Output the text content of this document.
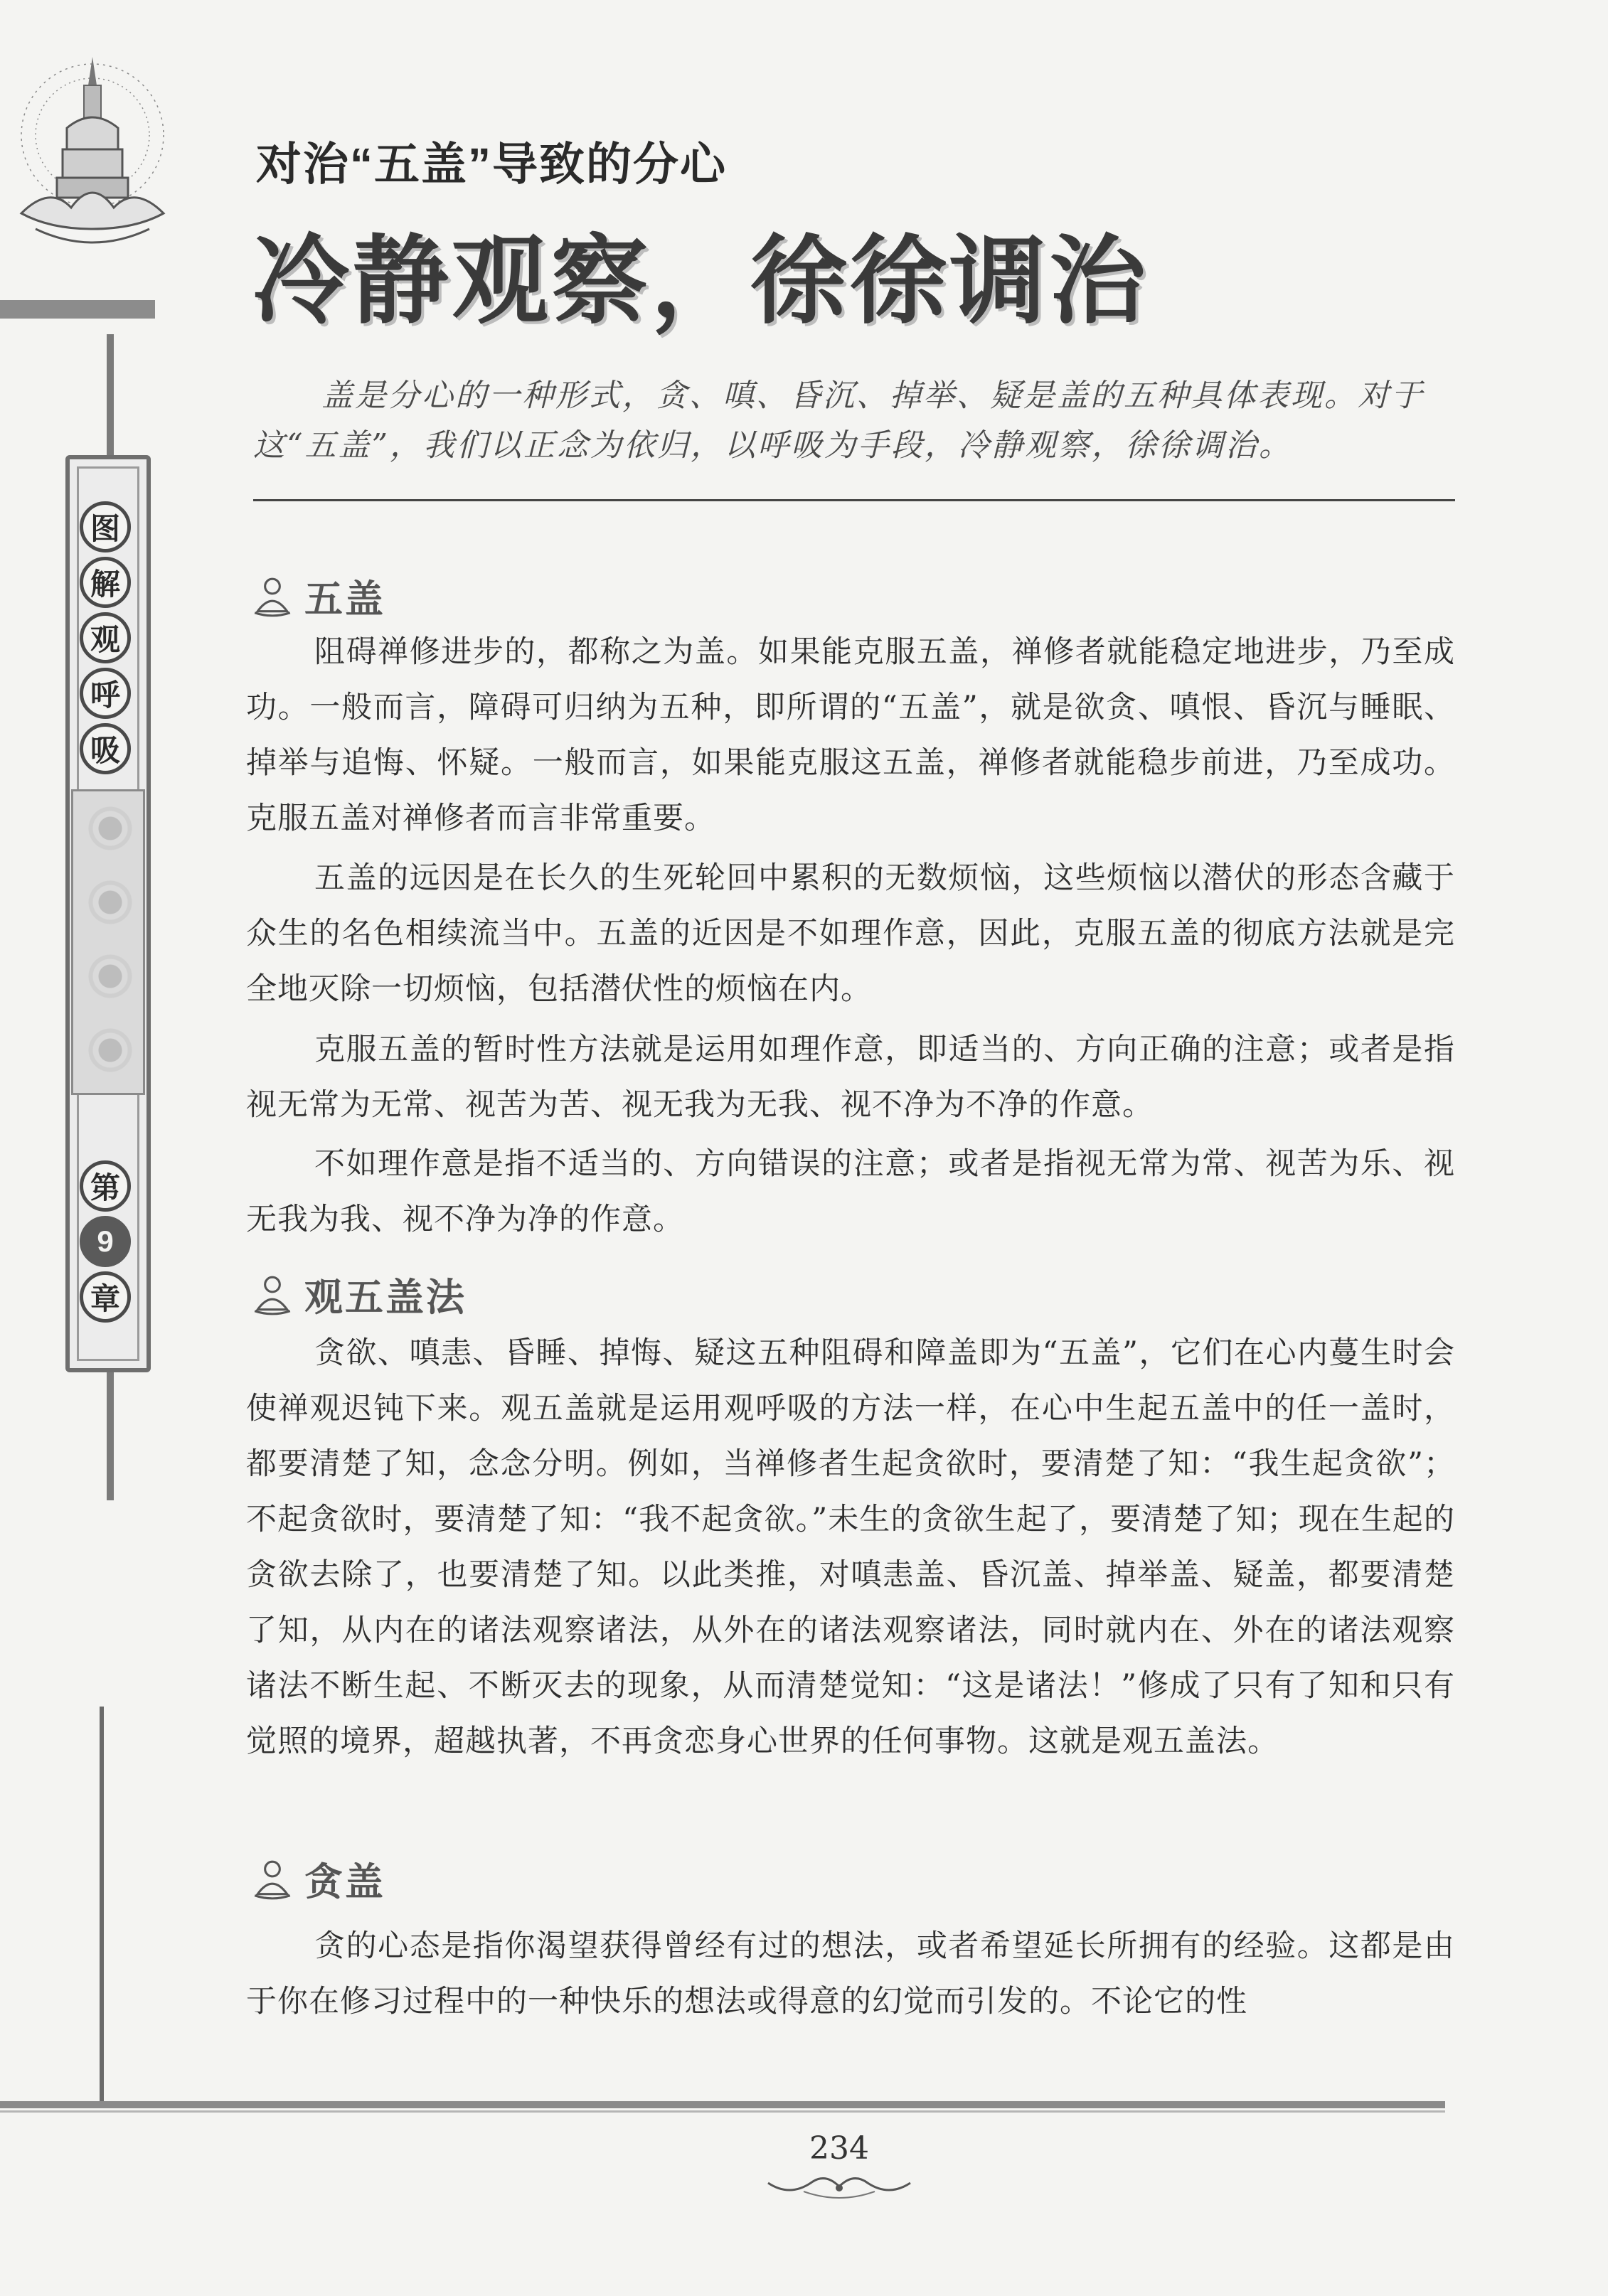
图
解
观
呼
吸
第
9
章
对治“五盖”导致的分心
冷静观察，徐徐调治
盖是分心的一种形式，贪、嗔、昏沉、掉举、疑是盖的五种具体表现。对于这“五盖”，我们以正念为依归，以呼吸为手段，冷静观察，徐徐调治。
五盖
阻碍禅修进步的，都称之为盖。如果能克服五盖，禅修者就能稳定地进步，乃至成功。一般而言，障碍可归纳为五种，即所谓的“五盖”，就是欲贪、嗔恨、昏沉与睡眠、掉举与追悔、怀疑。一般而言，如果能克服这五盖，禅修者就能稳步前进，乃至成功。克服五盖对禅修者而言非常重要。
五盖的远因是在长久的生死轮回中累积的无数烦恼，这些烦恼以潜伏的形态含藏于众生的名色相续流当中。五盖的近因是不如理作意，因此，克服五盖的彻底方法就是完全地灭除一切烦恼，包括潜伏性的烦恼在内。
克服五盖的暂时性方法就是运用如理作意，即适当的、方向正确的注意；或者是指视无常为无常、视苦为苦、视无我为无我、视不净为不净的作意。
不如理作意是指不适当的、方向错误的注意；或者是指视无常为常、视苦为乐、视无我为我、视不净为净的作意。
观五盖法
贪欲、嗔恚、昏睡、掉悔、疑这五种阻碍和障盖即为“五盖”，它们在心内蔓生时会使禅观迟钝下来。观五盖就是运用观呼吸的方法一样，在心中生起五盖中的任一盖时，都要清楚了知，念念分明。例如，当禅修者生起贪欲时，要清楚了知：“我生起贪欲”；不起贪欲时，要清楚了知：“我不起贪欲。”未生的贪欲生起了，要清楚了知；现在生起的贪欲去除了，也要清楚了知。以此类推，对嗔恚盖、昏沉盖、掉举盖、疑盖，都要清楚了知，从内在的诸法观察诸法，从外在的诸法观察诸法，同时就内在、外在的诸法观察诸法不断生起、不断灭去的现象，从而清楚觉知：“这是诸法！”修成了只有了知和只有觉照的境界，超越执著，不再贪恋身心世界的任何事物。这就是观五盖法。
贪盖
贪的心态是指你渴望获得曾经有过的想法，或者希望延长所拥有的经验。这都是由于你在修习过程中的一种快乐的想法或得意的幻觉而引发的。不论它的性
234
